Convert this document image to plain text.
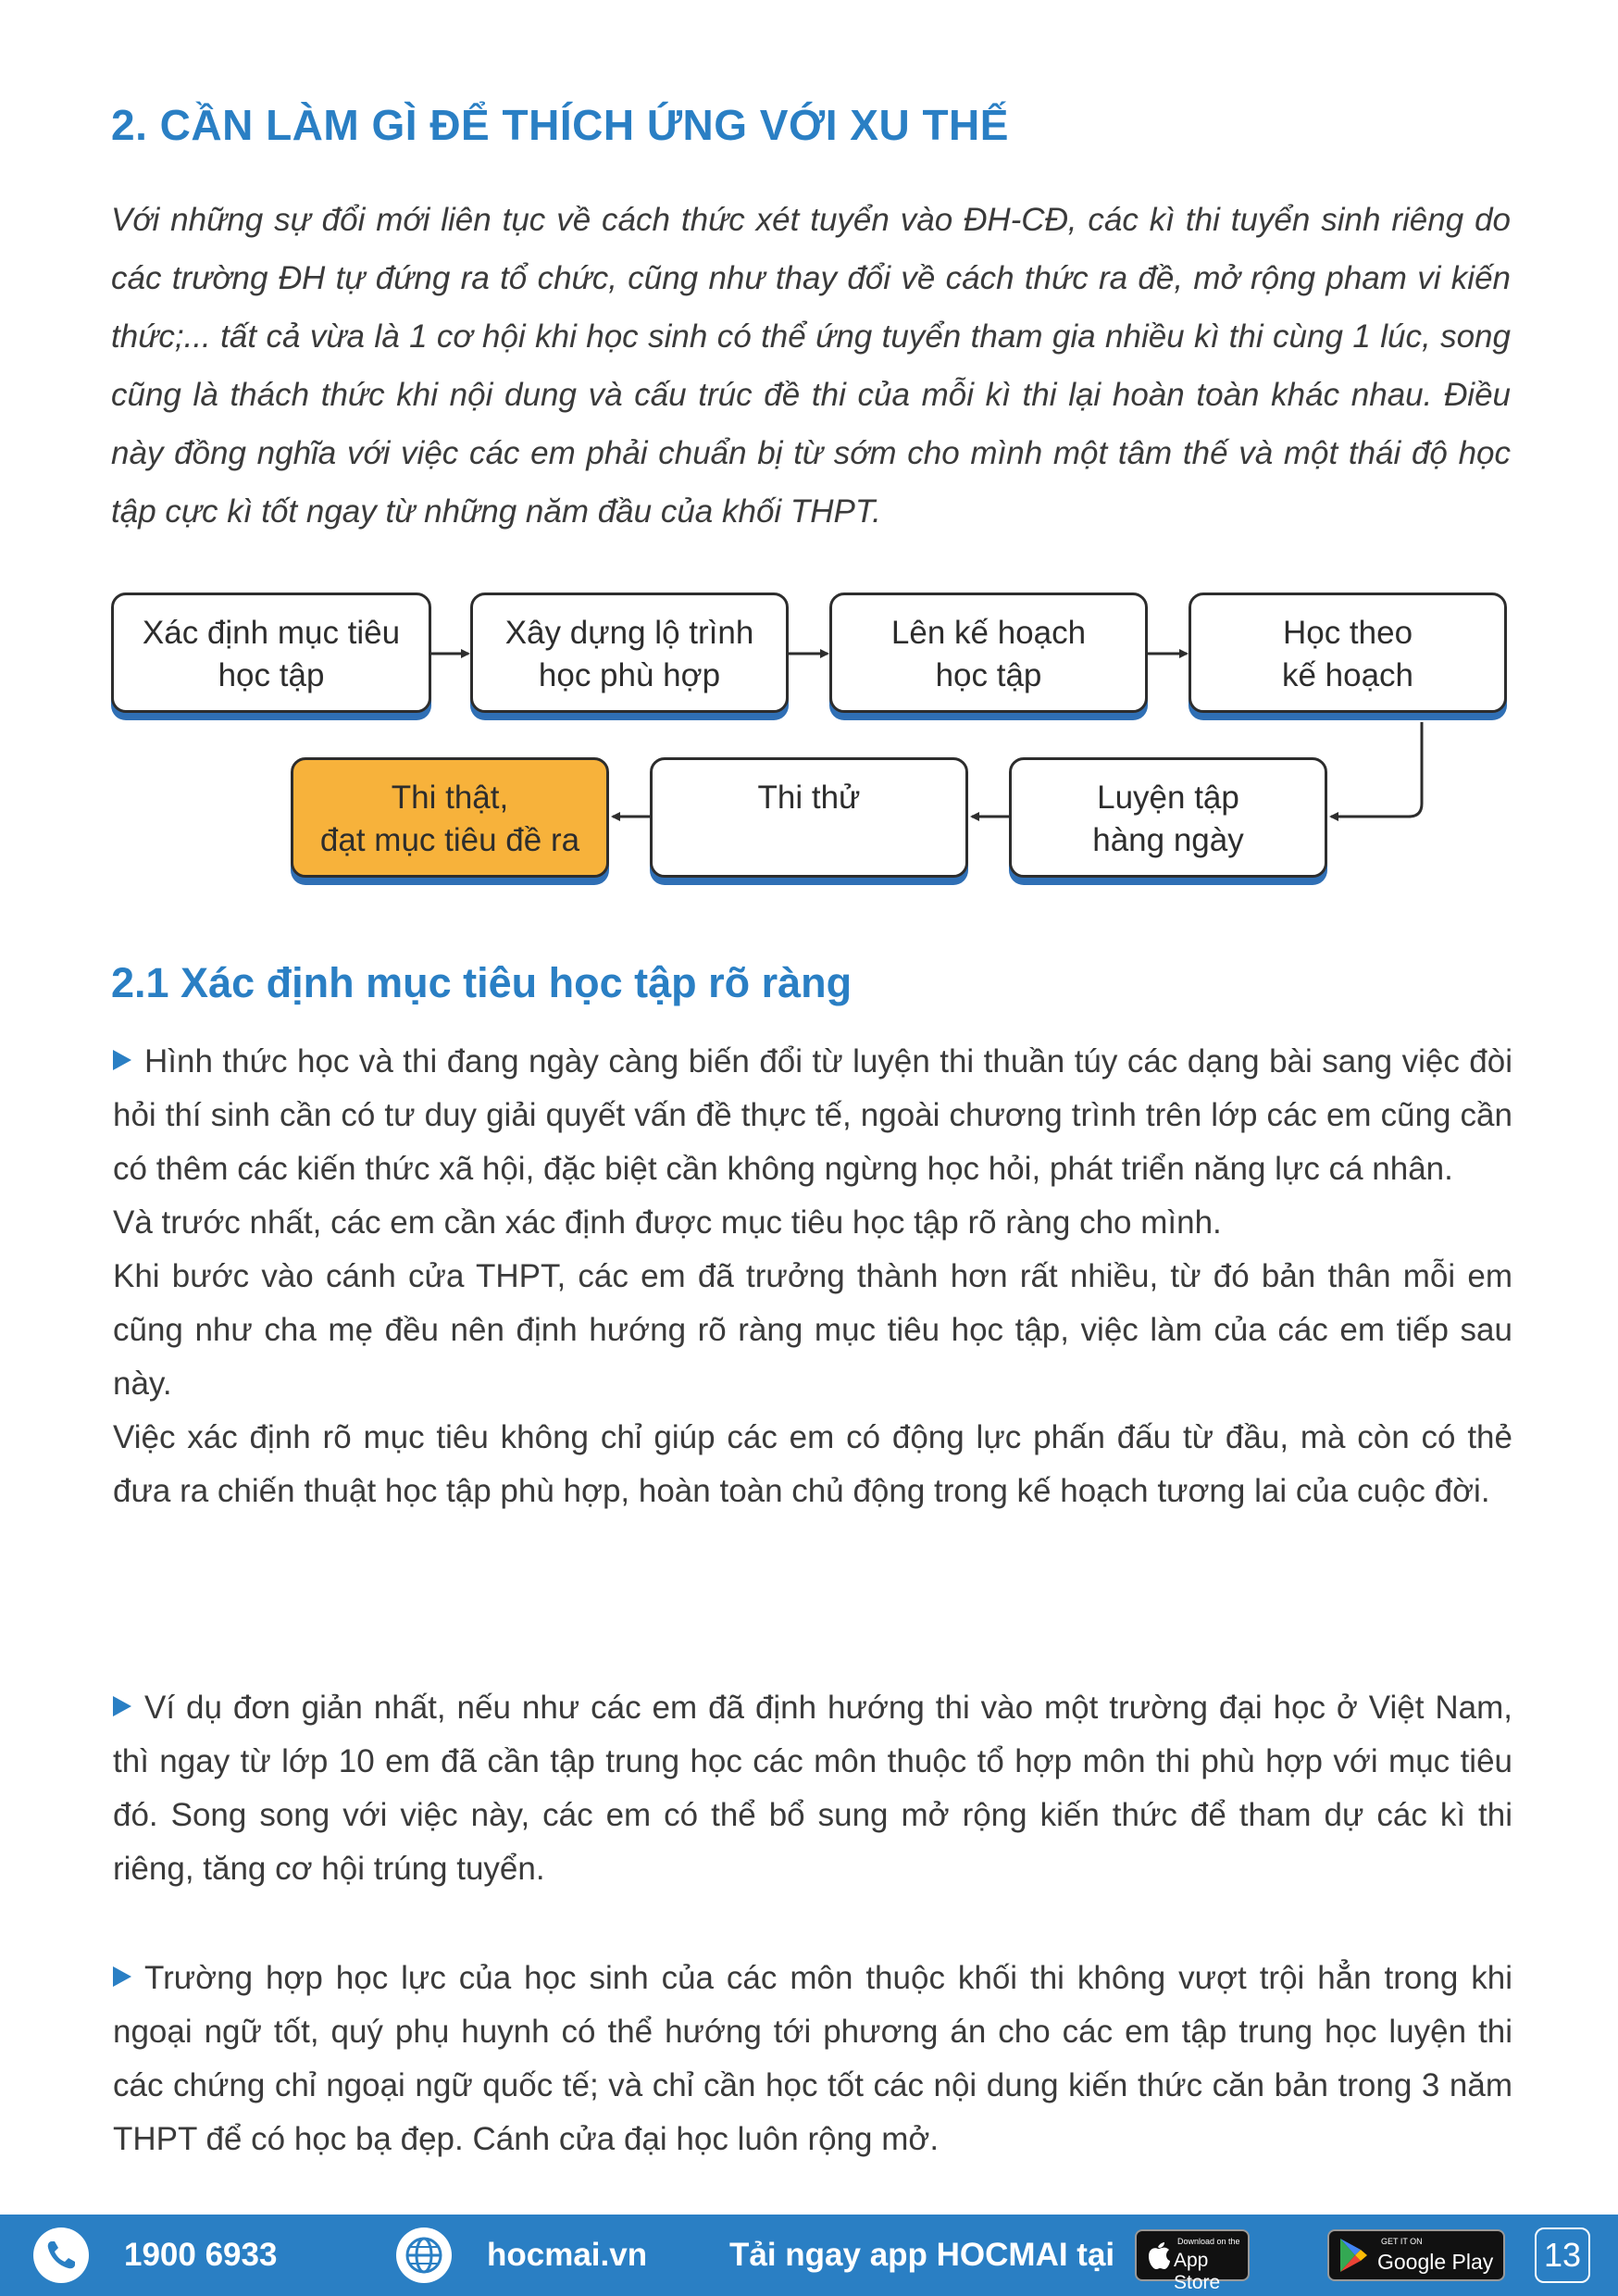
2. CẦN LÀM GÌ ĐỂ THÍCH ỨNG VỚI XU THẾ
Với những sự đổi mới liên tục về cách thức xét tuyển vào ĐH-CĐ, các kì thi tuyển sinh riêng do các trường ĐH tự đứng ra tổ chức, cũng như thay đổi về cách thức ra đề, mở rộng pham vi kiến thức;... tất cả vừa là 1 cơ hội khi học sinh có thể ứng tuyển tham gia nhiều kì thi cùng 1 lúc, song cũng là thách thức khi nội dung và cấu trúc đề thi của mỗi kì thi lại hoàn toàn khác nhau. Điều này đồng nghĩa với việc các em phải chuẩn bị từ sớm cho mình một tâm thế và một thái độ học tập cực kì tốt ngay từ những năm đầu của khối THPT.
Xác định mục tiêu
học tập
Xây dựng lộ trình
học phù hợp
Lên kế hoạch
học tập
Học theo
kế hoạch
Luyện tập
hàng ngày
Thi thử
Thi thật,
đạt mục tiêu đề ra
2.1 Xác định mục tiêu học tập rõ ràng
Hình thức học và thi đang ngày càng biến đổi từ luyện thi thuần túy các dạng bài sang việc đòi hỏi thí sinh cần có tư duy giải quyết vấn đề thực tế, ngoài chương trình trên lớp các em cũng cần có thêm các kiến thức xã hội, đặc biệt cần không ngừng học hỏi, phát triển năng lực cá nhân.
Và trước nhất, các em cần xác định được mục tiêu học tập rõ ràng cho mình.
Khi bước vào cánh cửa THPT, các em đã trưởng thành hơn rất nhiều, từ đó bản thân mỗi em cũng như cha mẹ đều nên định hướng rõ ràng mục tiêu học tập, việc làm của các em tiếp sau này.
Việc xác định rõ mục tiêu không chỉ giúp các em có động lực phấn đấu từ đầu, mà còn có thẻ đưa ra chiến thuật học tập phù hợp, hoàn toàn chủ động trong kế hoạch tương lai của cuộc đời.
Ví dụ đơn giản nhất, nếu như các em đã định hướng thi vào một trường đại học ở Việt Nam, thì ngay từ lớp 10 em đã cần tập trung học các môn thuộc tổ hợp môn thi phù hợp với mục tiêu đó. Song song với việc này, các em có thể bổ sung mở rộng kiến thức để tham dự các kì thi riêng, tăng cơ hội trúng tuyển.
Trường hợp học lực của học sinh của các môn thuộc khối thi không vượt trội hẳn trong khi ngoại ngữ tốt, quý phụ huynh có thể hướng tới phương án cho các em tập trung học luyện thi các chứng chỉ ngoại ngữ quốc tế; và chỉ cần học tốt các nội dung kiến thức căn bản trong 3 năm THPT để có học bạ đẹp. Cánh cửa đại học luôn rộng mở.
1900 6933	hocmai.vn	Tải ngay app HOCMAI tại	Download on the
App Store
GET IT ON
Google Play 13
